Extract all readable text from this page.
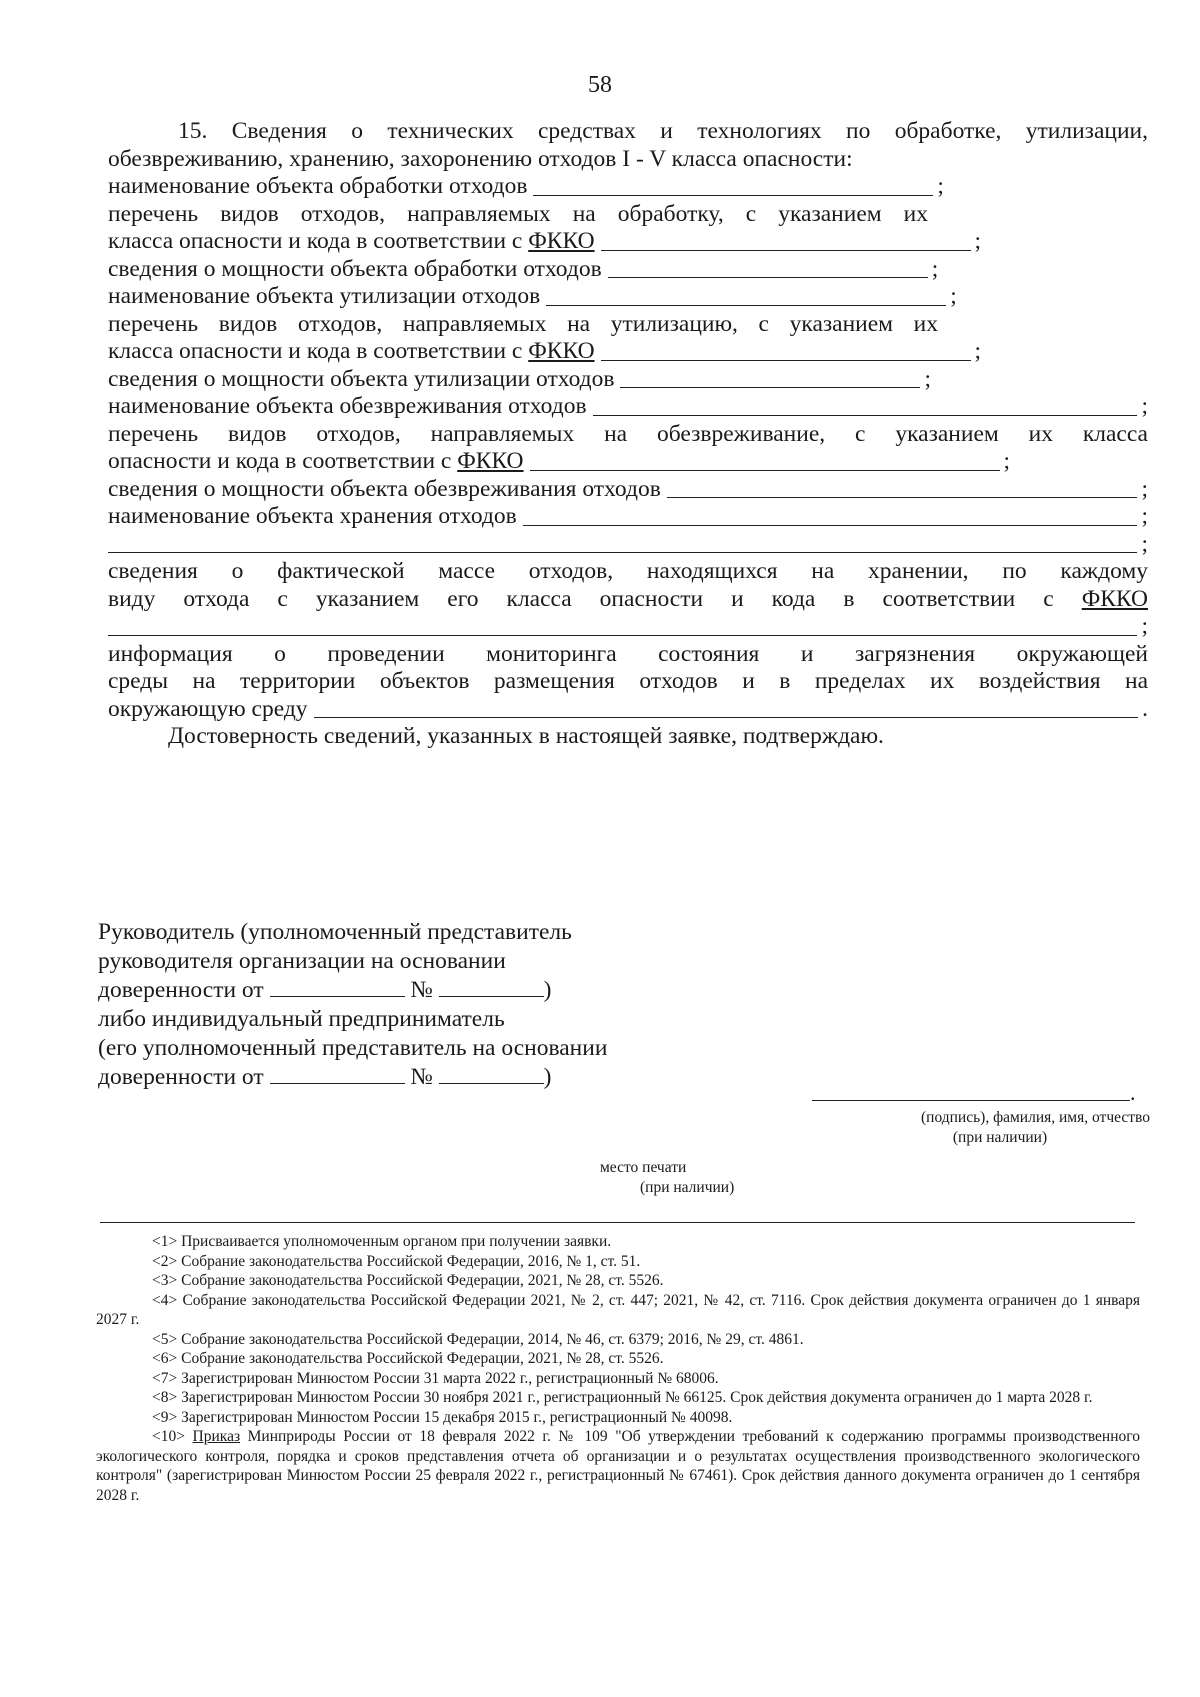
58

15. Сведения о технических средствах и технологиях по обработке, утилизации, обезвреживанию, хранению, захоронению отходов I - V класса опасности:

наименование объекта обработки отходов	;

перечень видов отходов, направляемых на обработку, с указанием их

класса опасности и кода в соответствии с
ФККО	;
сведения о мощности объекта обработки отходов	;
наименование объекта утилизации отходов	;

перечень видов отходов, направляемых на утилизацию, с указанием их

класса опасности и кода в соответствии с
ФККО	;
сведения о мощности объекта утилизации отходов	;
наименование объекта обезвреживания отходов	;

перечень видов отходов, направляемых на обезвреживание, с указанием их класса

опасности и кода в соответствии с
ФККО	;
сведения о мощности объекта обезвреживания отходов	;
наименование объекта хранения отходов	;
;

сведения о фактической массе отходов, находящихся на хранении, по каждому

виду отхода с указанием его класса опасности и кода в соответствии с ФККО

;

информация о проведении мониторинга состояния и загрязнения окружающей

среды на территории объектов размещения отходов и в пределах их воздействия на

окружающую среду	.

Достоверность сведений, указанных в настоящей заявке, подтверждаю.

Руководитель (уполномоченный представитель
руководителя организации на основании
доверенности от	№	)
либо индивидуальный предприниматель
(его уполномоченный представитель на основании
доверенности от	№	)
.
(подпись), фамилия, имя, отчество
(при наличии)
место печати
(при наличии)

<1> Присваивается уполномоченным органом при получении заявки.

<2> Собрание законодательства Российской Федерации, 2016, № 1, ст. 51.

<3> Собрание законодательства Российской Федерации, 2021, № 28, ст. 5526.

<4> Собрание законодательства Российской Федерации 2021, № 2, ст. 447; 2021, № 42, ст. 7116. Срок действия документа ограничен до 1 января 2027 г.

<5> Собрание законодательства Российской Федерации, 2014, № 46, ст. 6379; 2016, № 29, ст. 4861.

<6> Собрание законодательства Российской Федерации, 2021, № 28, ст. 5526.

<7> Зарегистрирован Минюстом России 31 марта 2022 г., регистрационный № 68006.

<8> Зарегистрирован Минюстом России 30 ноября 2021 г., регистрационный № 66125. Срок действия документа ограничен до 1 марта 2028 г.

<9> Зарегистрирован Минюстом России 15 декабря 2015 г., регистрационный № 40098.

<10> Приказ Минприроды России от 18 февраля 2022 г. № 109 "Об утверждении требований к содержанию программы производственного экологического контроля, порядка и сроков представления отчета об организации и о результатах осуществления производственного экологического контроля" (зарегистрирован Минюстом России 25 февраля 2022 г., регистрационный № 67461). Срок действия данного документа ограничен до 1 сентября 2028 г.
